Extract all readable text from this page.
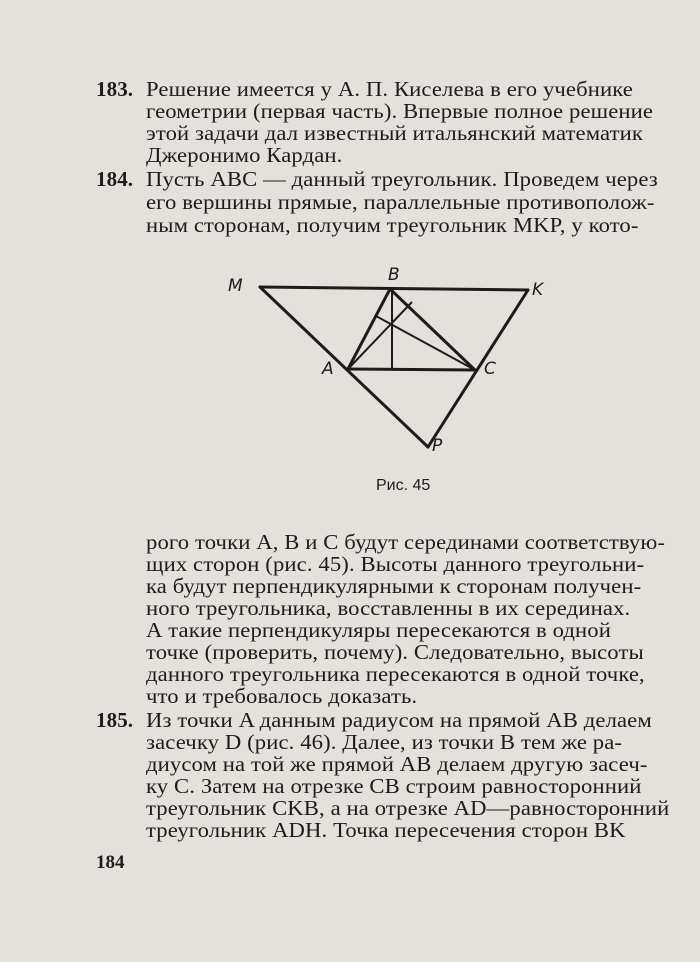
183. Решение имеется у А. П. Киселева в его учебнике
геометрии (первая часть). Впервые полное решение
этой задачи дал известный итальянский математик
Джеронимо Кардан.
184. Пусть ABC — данный треугольник. Проведем через
его вершины прямые, параллельные противополож-
ным сторонам, получим треугольник MKP, у кото-
M	K
B
A	C
P
Рис. 45
рого точки A, B и C будут серединами соответствую-
щих сторон (рис. 45). Высоты данного треугольни-
ка будут перпендикулярными к сторонам получен-
ного треугольника, восставленны в их серединах.
А такие перпендикуляры пересекаются в одной
точке (проверить, почему). Следовательно, высоты
данного треугольника пересекаются в одной точке,
что и требовалось доказать.
185. Из точки A данным радиусом на прямой AB делаем
засечку D (рис. 46). Далее, из точки B тем же ра-
диусом на той же прямой AB делаем другую засеч-
ку C. Затем на отрезке CB строим равносторонний
треугольник CKB, а на отрезке AD—равносторонний
треугольник ADH. Точка пересечения сторон BK
184
